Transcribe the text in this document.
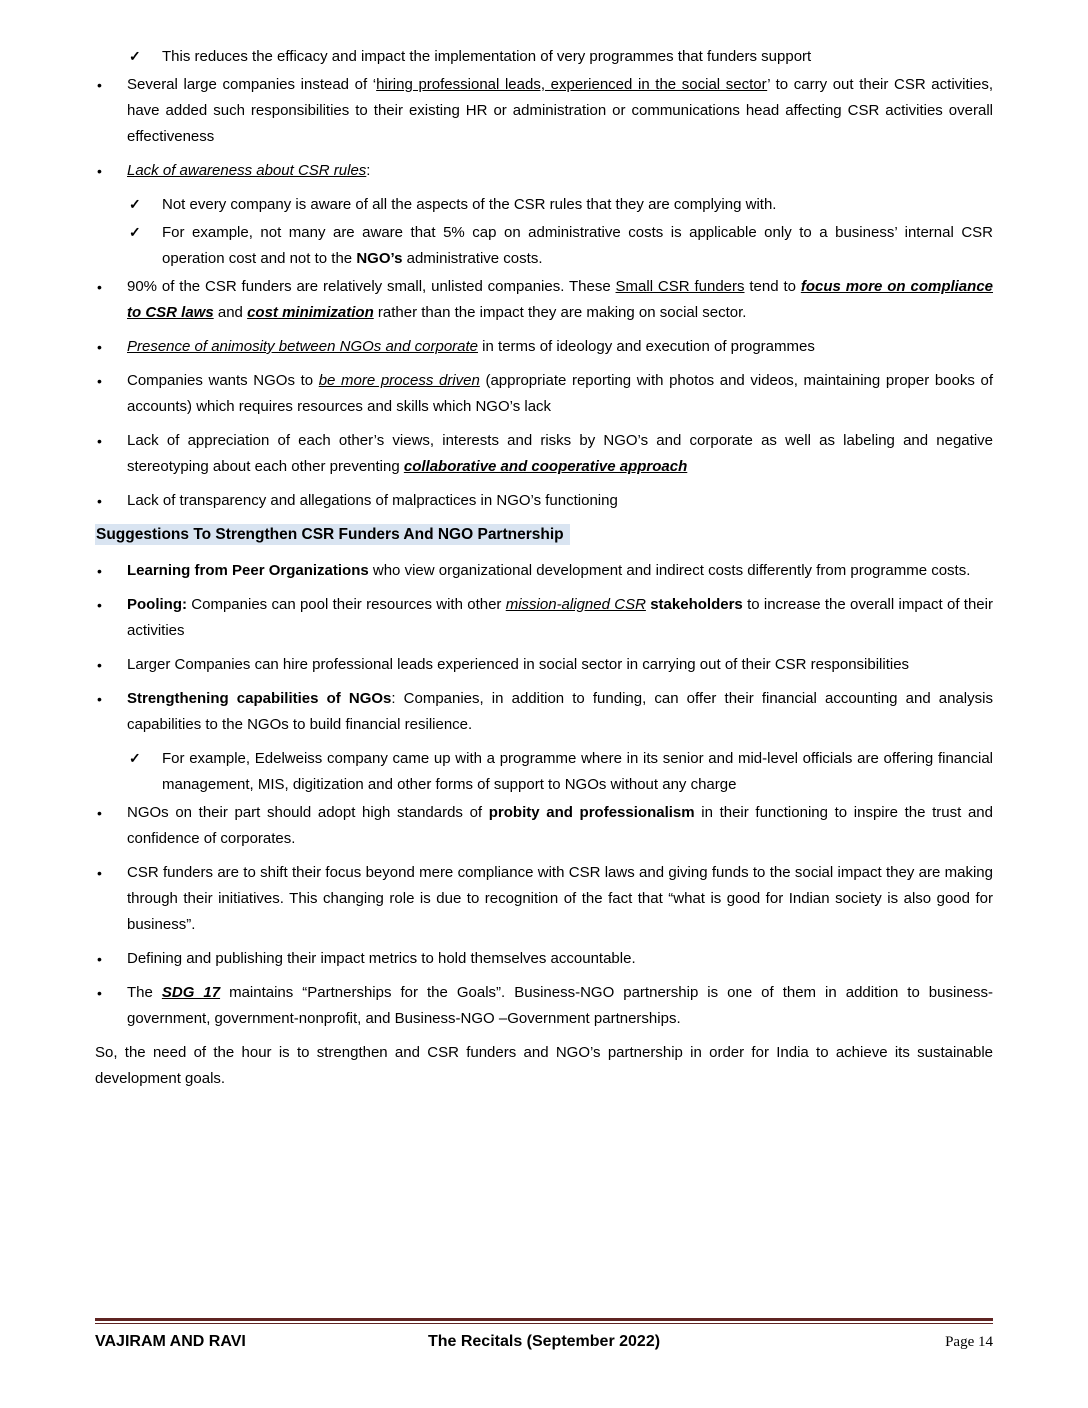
✓ This reduces the efficacy and impact the implementation of very programmes that funders support
• Several large companies instead of ‘hiring professional leads, experienced in the social sector’ to carry out their CSR activities, have added such responsibilities to their existing HR or administration or communications head affecting CSR activities overall effectiveness
• Lack of awareness about CSR rules:
✓ Not every company is aware of all the aspects of the CSR rules that they are complying with.
✓ For example, not many are aware that 5% cap on administrative costs is applicable only to a business’ internal CSR operation cost and not to the NGO’s administrative costs.
• 90% of the CSR funders are relatively small, unlisted companies. These Small CSR funders tend to focus more on compliance to CSR laws and cost minimization rather than the impact they are making on social sector.
• Presence of animosity between NGOs and corporate in terms of ideology and execution of programmes
• Companies wants NGOs to be more process driven (appropriate reporting with photos and videos, maintaining proper books of accounts) which requires resources and skills which NGO’s lack
• Lack of appreciation of each other’s views, interests and risks by NGO’s and corporate as well as labeling and negative stereotyping about each other preventing collaborative and cooperative approach
• Lack of transparency and allegations of malpractices in NGO’s functioning
Suggestions To Strengthen CSR Funders And NGO Partnership
• Learning from Peer Organizations who view organizational development and indirect costs differently from programme costs.
• Pooling: Companies can pool their resources with other mission-aligned CSR stakeholders to increase the overall impact of their activities
• Larger Companies can hire professional leads experienced in social sector in carrying out of their CSR responsibilities
• Strengthening capabilities of NGOs: Companies, in addition to funding, can offer their financial accounting and analysis capabilities to the NGOs to build financial resilience.
✓ For example, Edelweiss company came up with a programme where in its senior and mid-level officials are offering financial management, MIS, digitization and other forms of support to NGOs without any charge
• NGOs on their part should adopt high standards of probity and professionalism in their functioning to inspire the trust and confidence of corporates.
• CSR funders are to shift their focus beyond mere compliance with CSR laws and giving funds to the social impact they are making through their initiatives. This changing role is due to recognition of the fact that “what is good for Indian society is also good for business”.
• Defining and publishing their impact metrics to hold themselves accountable.
• The SDG 17 maintains “Partnerships for the Goals”. Business-NGO partnership is one of them in addition to business-government, government-nonprofit, and Business-NGO –Government partnerships.
So, the need of the hour is to strengthen and CSR funders and NGO’s partnership in order for India to achieve its sustainable development goals.
VAJIRAM AND RAVI	The Recitals (September 2022)	Page 14
